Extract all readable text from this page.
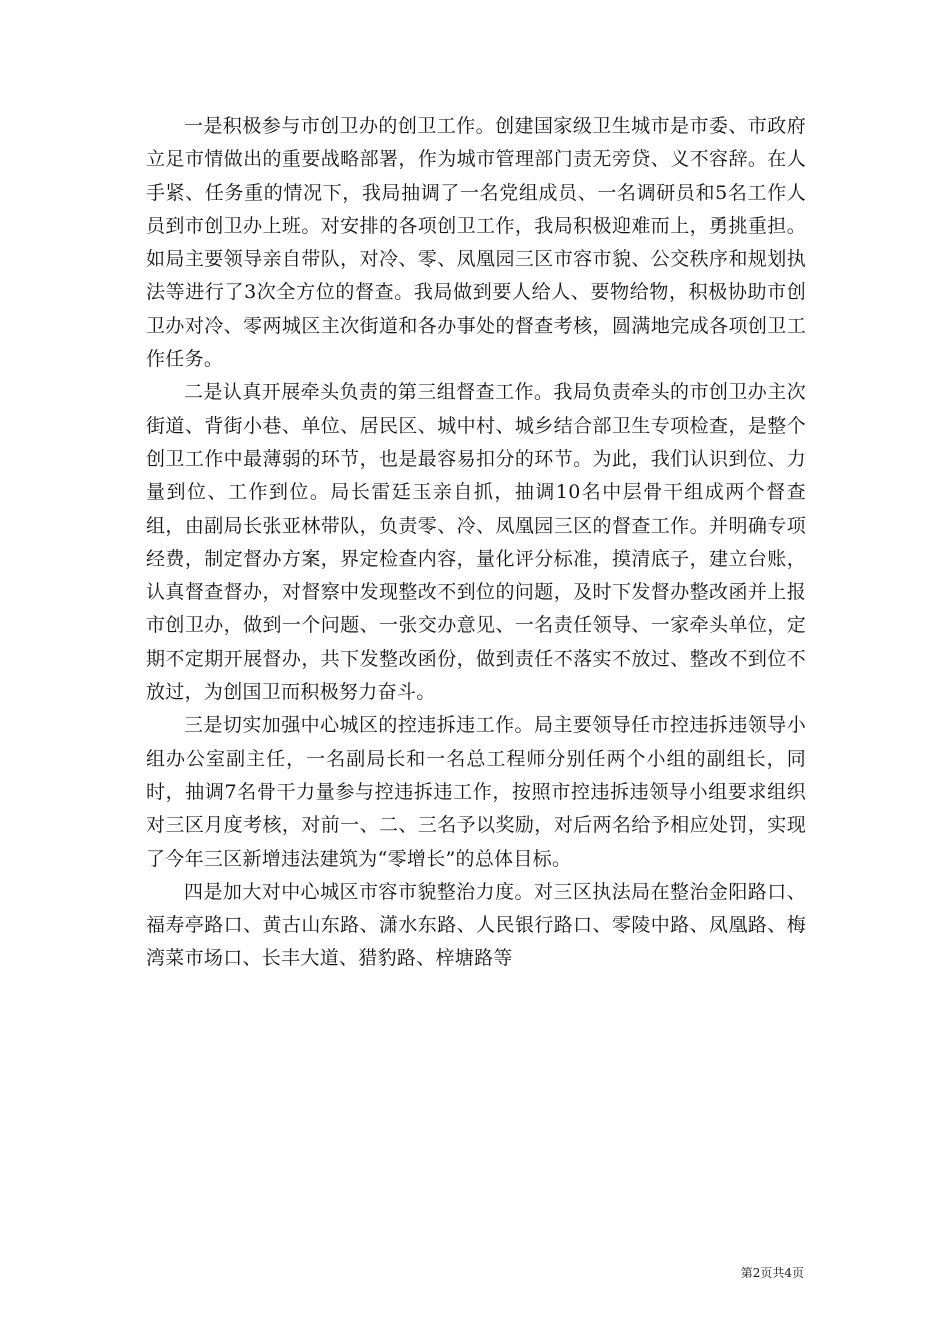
一是积极参与市创卫办的创卫工作。创建国家级卫生城市是市委、市政府立足市情做出的重要战略部署，作为城市管理部门责无旁贷、义不容辞。在人手紧、任务重的情况下，我局抽调了一名党组成员、一名调研员和5名工作人员到市创卫办上班。对安排的各项创卫工作，我局积极迎难而上，勇挑重担。如局主要领导亲自带队，对冷、零、凤凰园三区市容市貌、公交秩序和规划执法等进行了3次全方位的督查。我局做到要人给人、要物给物，积极协助市创卫办对冷、零两城区主次街道和各办事处的督查考核，圆满地完成各项创卫工作任务。

二是认真开展牵头负责的第三组督查工作。我局负责牵头的市创卫办主次街道、背街小巷、单位、居民区、城中村、城乡结合部卫生专项检查，是整个创卫工作中最薄弱的环节，也是最容易扣分的环节。为此，我们认识到位、力量到位、工作到位。局长雷廷玉亲自抓，抽调10名中层骨干组成两个督查组，由副局长张亚林带队，负责零、冷、凤凰园三区的督查工作。并明确专项经费，制定督办方案，界定检查内容，量化评分标准，摸清底子，建立台账，认真督查督办，对督察中发现整改不到位的问题，及时下发督办整改函并上报市创卫办，做到一个问题、一张交办意见、一名责任领导、一家牵头单位，定期不定期开展督办，共下发整改函份，做到责任不落实不放过、整改不到位不放过，为创国卫而积极努力奋斗。

三是切实加强中心城区的控违拆违工作。局主要领导任市控违拆违领导小组办公室副主任，一名副局长和一名总工程师分别任两个小组的副组长，同时，抽调7名骨干力量参与控违拆违工作，按照市控违拆违领导小组要求组织对三区月度考核，对前一、二、三名予以奖励，对后两名给予相应处罚，实现了今年三区新增违法建筑为“零增长”的总体目标。

四是加大对中心城区市容市貌整治力度。对三区执法局在整治金阳路口、福寿亭路口、黄古山东路、潇水东路、人民银行路口、零陵中路、凤凰路、梅湾菜市场口、长丰大道、猎豹路、梓塘路等

第2页共4页
